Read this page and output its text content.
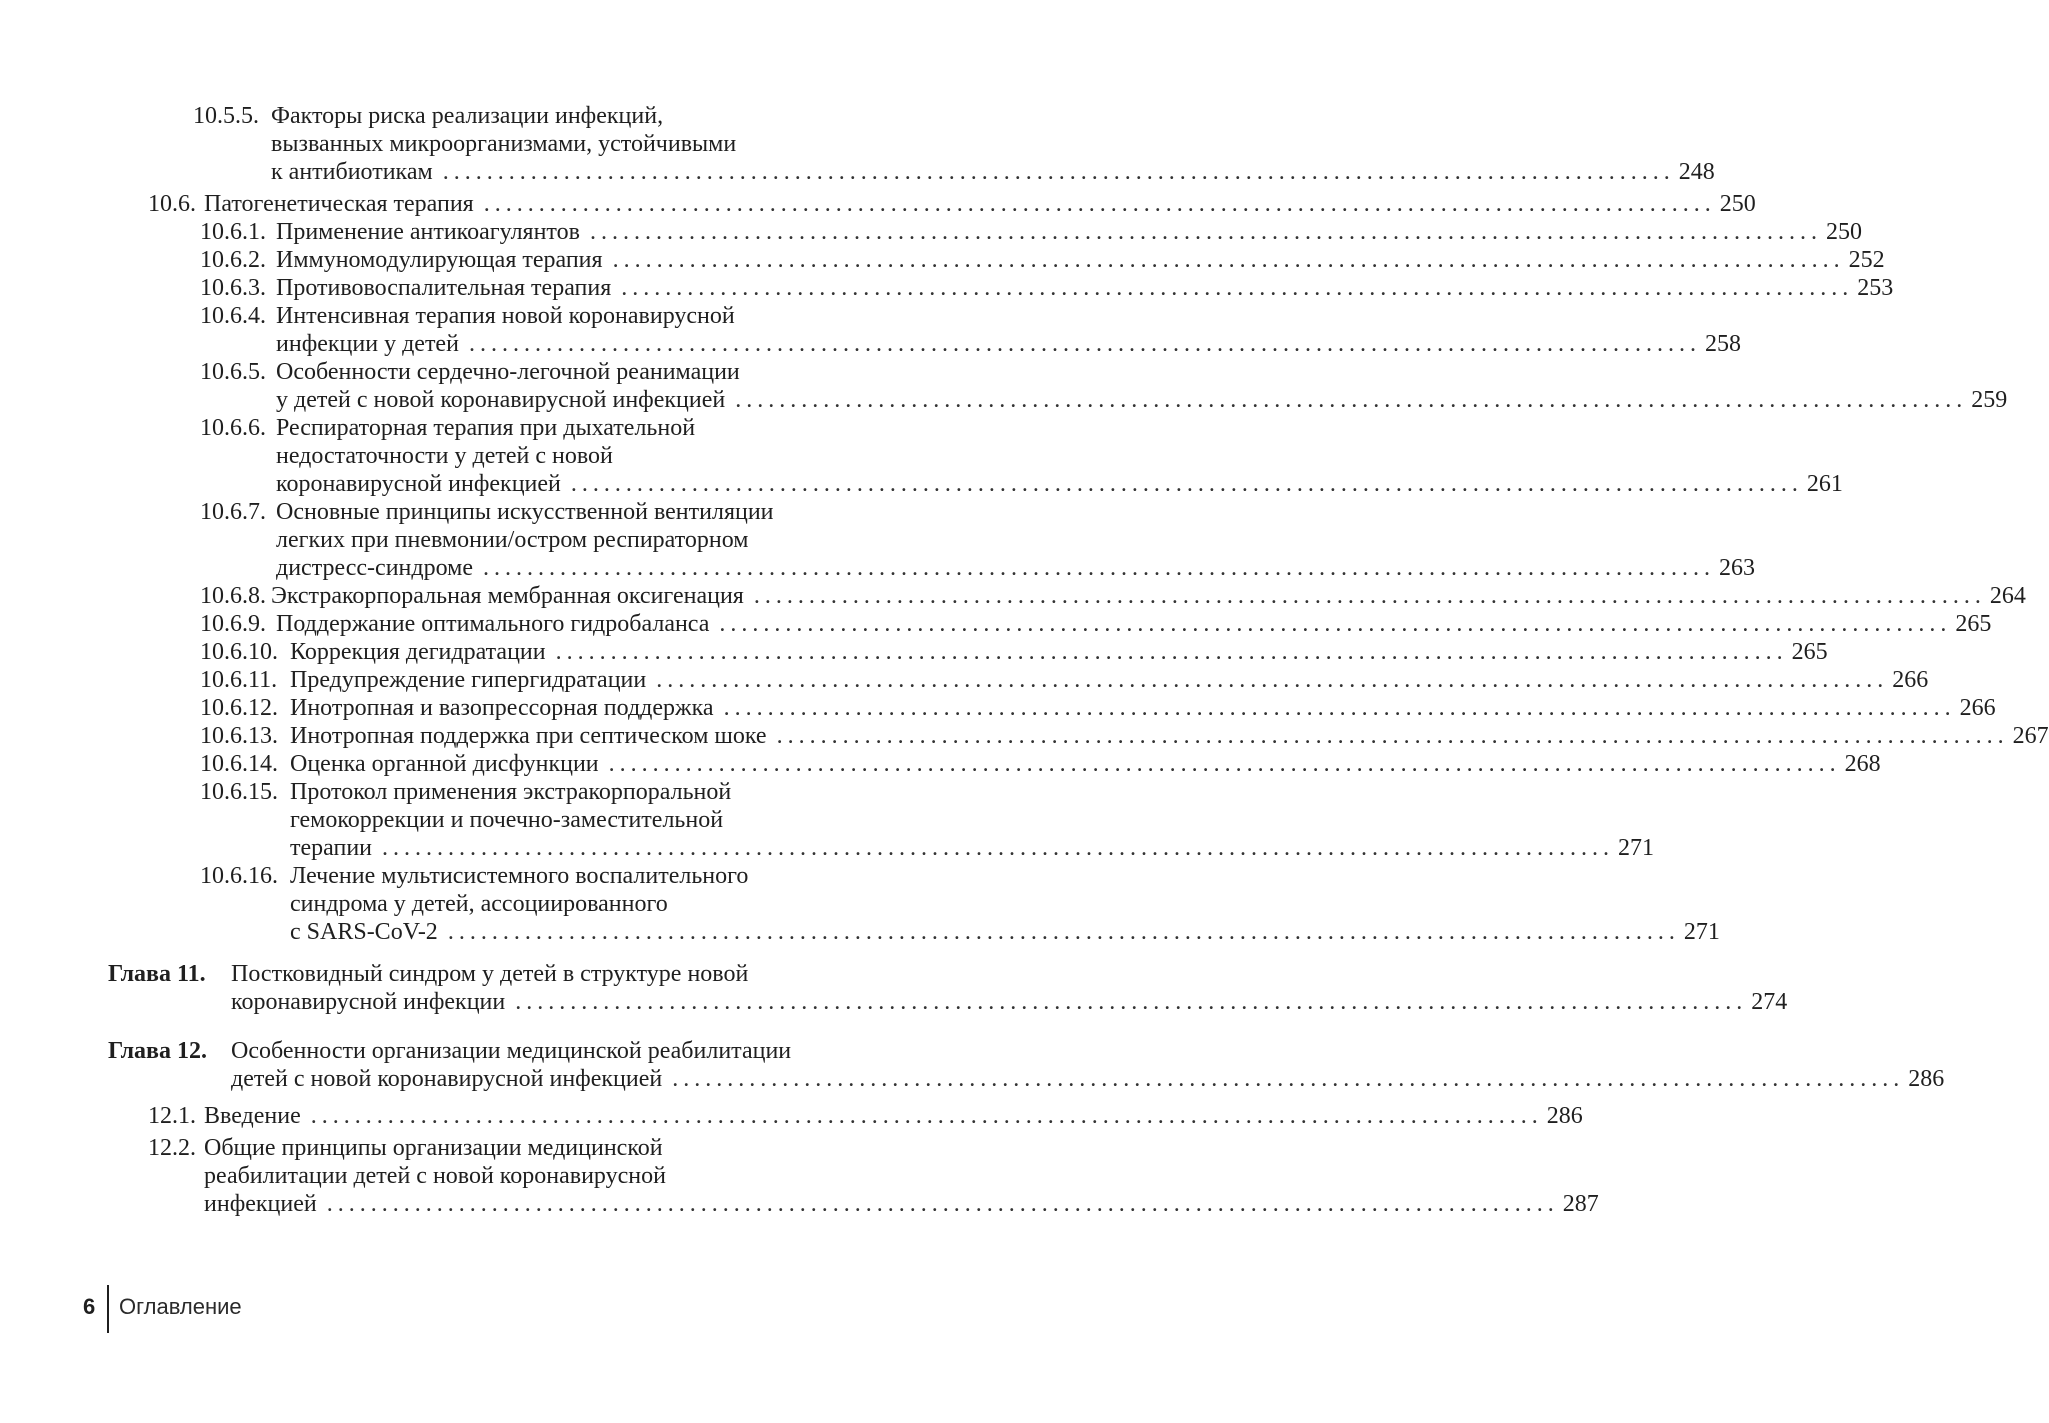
10.5.5. Факторы риска реализации инфекций,
вызванных микроорганизмами, устойчивыми
к антибиотикам ................................................................................................................ 248
10.6. Патогенетическая терапия ................................................................................................................ 250
10.6.1. Применение антикоагулянтов ................................................................................................................ 250
10.6.2. Иммуномодулирующая терапия ................................................................................................................ 252
10.6.3. Противовоспалительная терапия ................................................................................................................ 253
10.6.4. Интенсивная терапия новой коронавирусной
инфекции у детей ................................................................................................................ 258
10.6.5. Особенности сердечно-легочной реанимации
у детей с новой коронавирусной инфекцией ................................................................................................................ 259
10.6.6. Респираторная терапия при дыхательной
недостаточности у детей с новой
коронавирусной инфекцией ................................................................................................................ 261
10.6.7. Основные принципы искусственной вентиляции
легких при пневмонии/остром респираторном
дистресс-синдроме ................................................................................................................ 263
10.6.8. Экстракорпоральная мембранная оксигенация ................................................................................................................ 264
10.6.9. Поддержание оптимального гидробаланса ................................................................................................................ 265
10.6.10. Коррекция дегидратации ................................................................................................................ 265
10.6.11. Предупреждение гипергидратации ................................................................................................................ 266
10.6.12. Инотропная и вазопрессорная поддержка ................................................................................................................ 266
10.6.13. Инотропная поддержка при септическом шоке ................................................................................................................ 267
10.6.14. Оценка органной дисфункции ................................................................................................................ 268
10.6.15. Протокол применения экстракорпоральной
гемокоррекции и почечно-заместительной
терапии ................................................................................................................ 271
10.6.16. Лечение мультисистемного воспалительного
синдрома у детей, ассоциированного
с SARS-CoV-2 ................................................................................................................ 271
Глава 11. Постковидный синдром у детей в структуре новой
коронавирусной инфекции ................................................................................................................ 274
Глава 12. Особенности организации медицинской реабилитации
детей с новой коронавирусной инфекцией ................................................................................................................ 286
12.1. Введение ................................................................................................................ 286
12.2. Общие принципы организации медицинской
реабилитации детей с новой коронавирусной
инфекцией ................................................................................................................ 287
6 Оглавление
